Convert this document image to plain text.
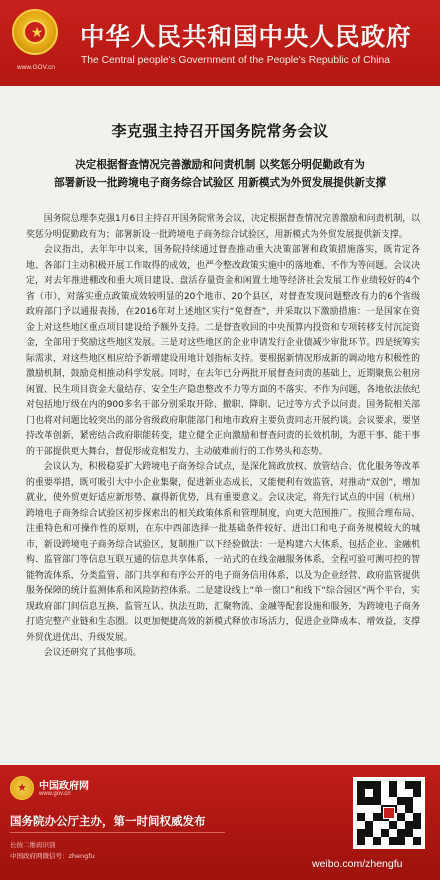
★
www.GOV.cn
中华人民共和国中央人民政府
The Central people's Government of the People's Republic of China
李克强主持召开国务院常务会议
决定根据督查情况完善激励和问责机制 以奖惩分明促勤政有为
部署新设一批跨境电子商务综合试验区 用新模式为外贸发展提供新支撑

国务院总理李克强1月6日主持召开国务院常务会议，决定根据督查情况完善激励和问责机制，以奖惩分明促勤政有为；部署新设一批跨境电子商务综合试验区，用新模式为外贸发展提供新支撑。

会议指出，去年年中以来，国务院持续通过督查推动重大决策部署和政策措施落实，既肯定各地、各部门主动积极开展工作取得的成效，也严令整改政策实施中的落地难、不作为等问题。会议决定，对去年推进棚改和重大项目建设、盘活存量资金和闲置土地等经济社会发展工作业绩较好的4个省（市），对落实重点政策成效较明显的20个地市、20个县区，对督查发现问题整改有力的6个省级政府部门予以通报表扬，在2016年对上述地区实行“免督查”，并采取以下激励措施：一是国家在资金上对这些地区重点项目建设给予额外支持。二是督查收回的中央预算内投资和专项转移支付沉淀资金，全部用于奖励这些地区发展。三是对这些地区的企业申请发行企业债减少审批环节。四是统筹实际需求，对这些地区相应给予新增建设用地计划指标支持。要根据新情况形成新的调动地方积极性的激励机制，鼓励竞相推动科学发展。同时，在去年已分两批开展督查问责的基础上，近期聚焦公租房闲置、民生项目资金大量结存、安全生产隐患整改不力等方面的不落实、不作为问题，各地依法依纪对包括地厅级在内的900多名干部分别采取开除、撤职、降职、记过等方式予以问责。国务院相关部门也将对问题比较突出的部分省级政府职能部门和地市政府主要负责同志开展约谈。会议要求，要坚持改革创新，紧密结合政府职能转变，建立健全正向激励和督查问责的长效机制，为愿干事、能干事的干部提供更大舞台，督促形成竞相发力、主动破难前行的工作势头和态势。

会议认为，积极稳妥扩大跨境电子商务综合试点，是深化简政放权、放管结合、优化服务等改革的重要举措，既可吸引大中小企业集聚，促进新业态成长，又能便利有效监管，对推动“双创”，增加就业，使外贸更好适应新形势、赢得新优势，具有重要意义。会议决定，将先行试点的中国（杭州）跨境电子商务综合试验区初步探索出的相关政策体系和管理制度，向更大范围推广。按照合理布局、注重特色和可操作性的原则，在东中西部选择一批基础条件较好、进出口和电子商务规模较大的城市，新设跨境电子商务综合试验区，复制推广以下经验做法：一是构建六大体系，包括企业、金融机构、监管部门等信息互联互通的信息共享体系，一站式的在线金融服务体系，全程可验可测可控的智能物流体系，分类监管、部门共享和有序公开的电子商务信用体系，以及为企业经营、政府监管提供服务保障的统计监测体系和风险防控体系。二是建设线上“单一窗口”和线下“综合园区”两个平台，实现政府部门间信息互换、监管互认、执法互助，汇聚物流、金融等配套设施和服务，为跨境电子商务打造完整产业链和生态圈。以更加便捷高效的新模式释放市场活力，促进企业降成本、增效益，支撑外贸优进优出、升级发展。

会议还研究了其他事项。

★	中国政府网
www.gov.cn
国务院办公厅主办，第一时间权威发布
长按二维码识别
中国政府网微信号：zhengfu
weibo.com/zhengfu
